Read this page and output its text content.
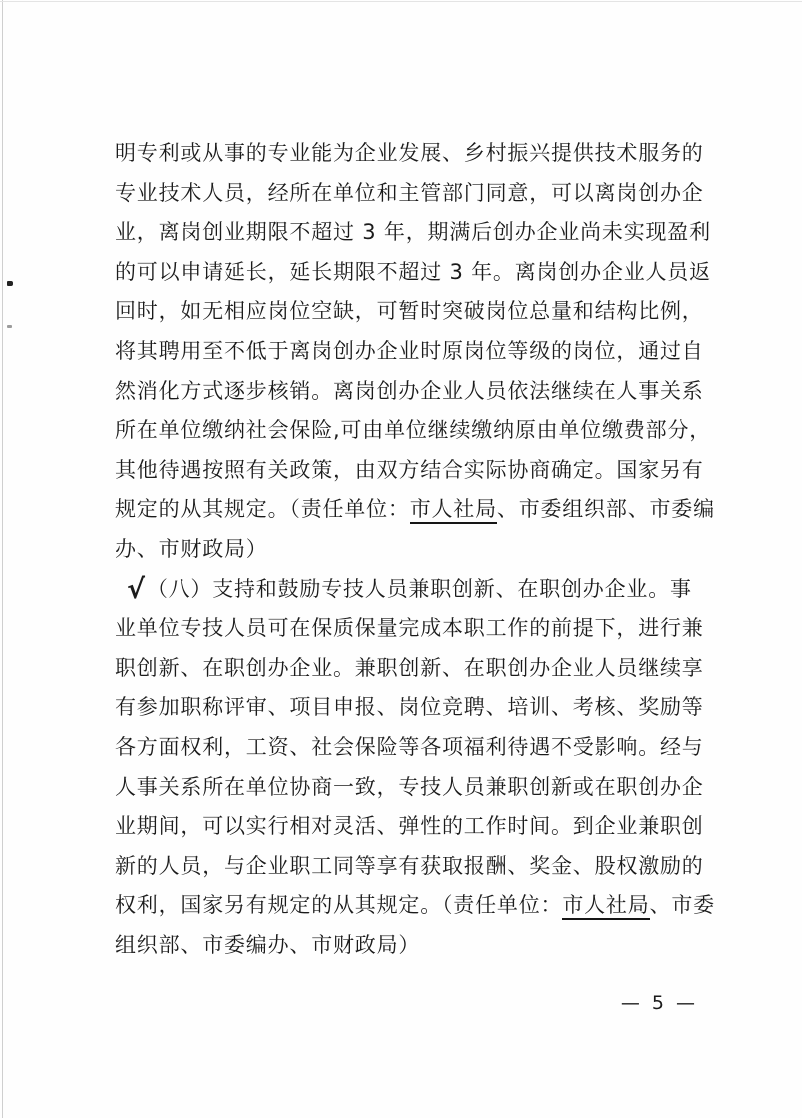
明专利或从事的专业能为企业发展、乡村振兴提供技术服务的
专业技术人员，经所在单位和主管部门同意，可以离岗创办企
业，离岗创业期限不超过 3 年，期满后创办企业尚未实现盈利
的可以申请延长，延长期限不超过 3 年。离岗创办企业人员返
回时，如无相应岗位空缺，可暂时突破岗位总量和结构比例，
将其聘用至不低于离岗创办企业时原岗位等级的岗位，通过自
然消化方式逐步核销。离岗创办企业人员依法继续在人事关系
所在单位缴纳社会保险,可由单位继续缴纳原由单位缴费部分，
其他待遇按照有关政策，由双方结合实际协商确定。国家另有
规定的从其规定。（责任单位：市人社局、市委组织部、市委编
办、市财政局）
√（八）支持和鼓励专技人员兼职创新、在职创办企业。事
业单位专技人员可在保质保量完成本职工作的前提下，进行兼
职创新、在职创办企业。兼职创新、在职创办企业人员继续享
有参加职称评审、项目申报、岗位竞聘、培训、考核、奖励等
各方面权利，工资、社会保险等各项福利待遇不受影响。经与
人事关系所在单位协商一致，专技人员兼职创新或在职创办企
业期间，可以实行相对灵活、弹性的工作时间。到企业兼职创
新的人员，与企业职工同等享有获取报酬、奖金、股权激励的
权利，国家另有规定的从其规定。（责任单位：市人社局、市委
组织部、市委编办、市财政局）
— 5 —
